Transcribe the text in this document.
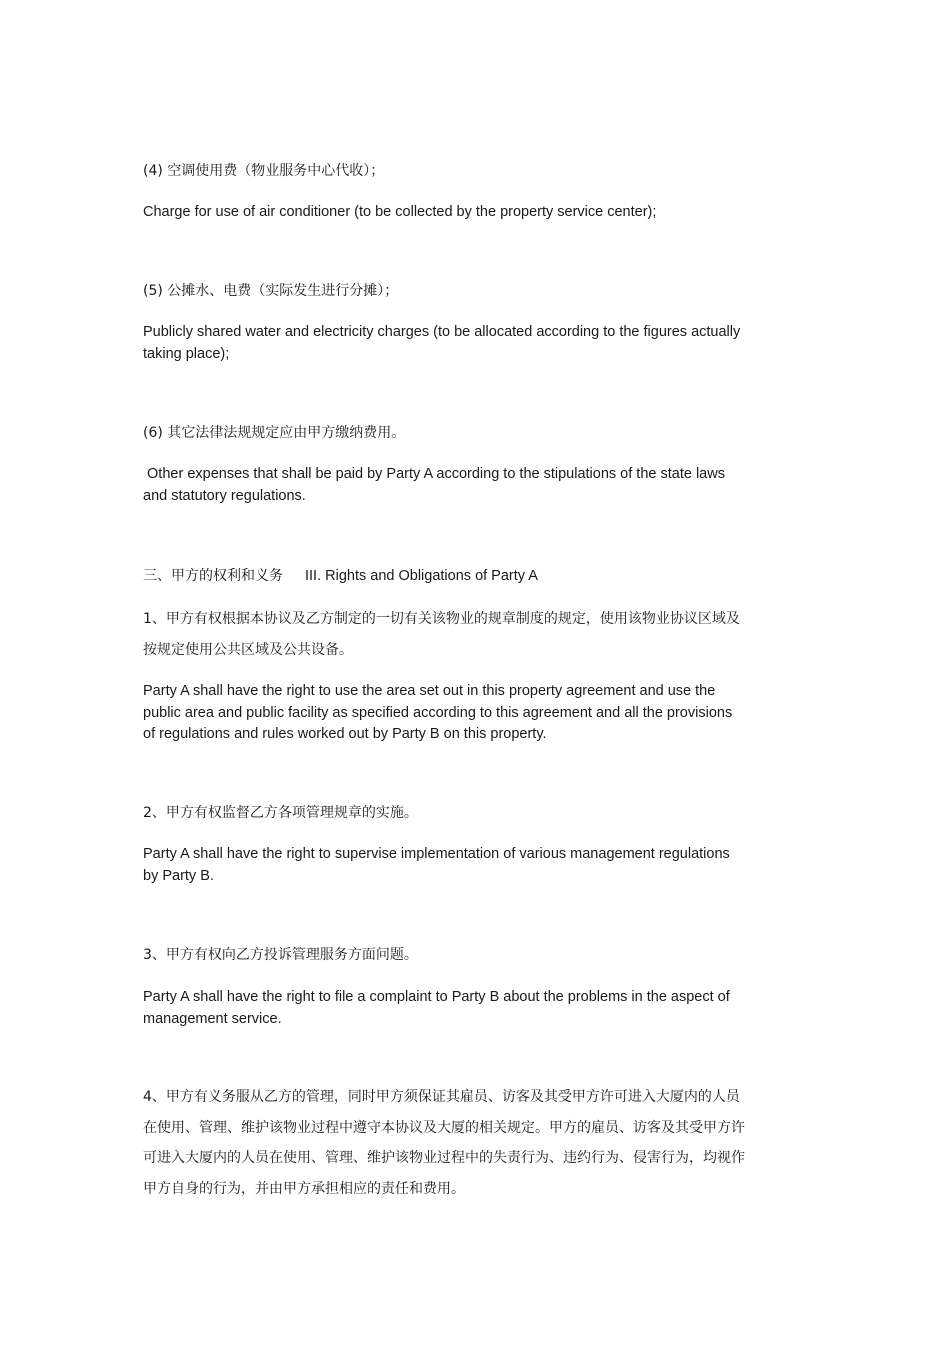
(4) 空调使用费（物业服务中心代收）；

Charge for use of air conditioner (to be collected by the property service center);

(5) 公摊水、电费（实际发生进行分摊）；

Publicly shared water and electricity charges (to be allocated according to the figures actually taking place);

(6) 其它法律法规规定应由甲方缴纳费用。

Other expenses that shall be paid by Party A according to the stipulations of the state laws and statutory regulations.

三、甲方的权利和义务 III. Rights and Obligations of Party A

1、甲方有权根据本协议及乙方制定的一切有关该物业的规章制度的规定，使用该物业协议区域及按规定使用公共区域及公共设备。

Party A shall have the right to use the area set out in this property agreement and use the public area and public facility as specified according to this agreement and all the provisions of regulations and rules worked out by Party B on this property.

2、甲方有权监督乙方各项管理规章的实施。

Party A shall have the right to supervise implementation of various management regulations by Party B.

3、甲方有权向乙方投诉管理服务方面问题。

Party A shall have the right to file a complaint to Party B about the problems in the aspect of management service.

4、甲方有义务服从乙方的管理，同时甲方须保证其雇员、访客及其受甲方许可进入大厦内的人员在使用、管理、维护该物业过程中遵守本协议及大厦的相关规定。甲方的雇员、访客及其受甲方许可进入大厦内的人员在使用、管理、维护该物业过程中的失责行为、违约行为、侵害行为，均视作甲方自身的行为，并由甲方承担相应的责任和费用。
